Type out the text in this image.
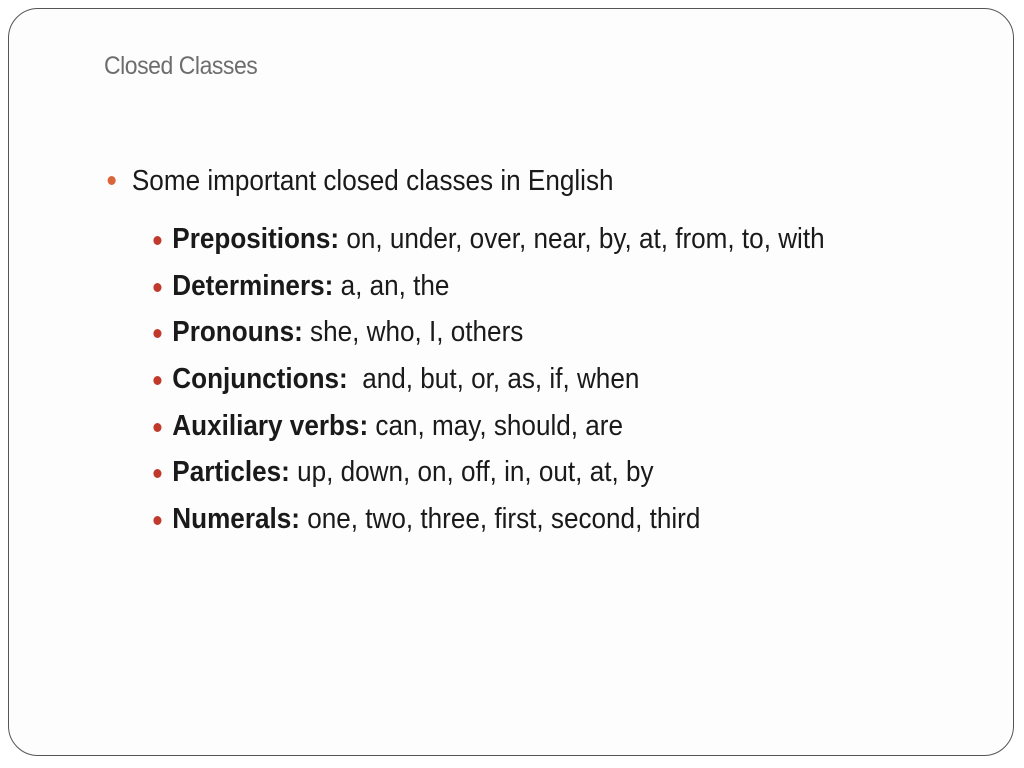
Closed Classes
Some important closed classes in English
Prepositions: on, under, over, near, by, at, from, to, with
Determiners: a, an, the
Pronouns: she, who, I, others
Conjunctions:  and, but, or, as, if, when
Auxiliary verbs: can, may, should, are
Particles: up, down, on, off, in, out, at, by
Numerals: one, two, three, first, second, third
